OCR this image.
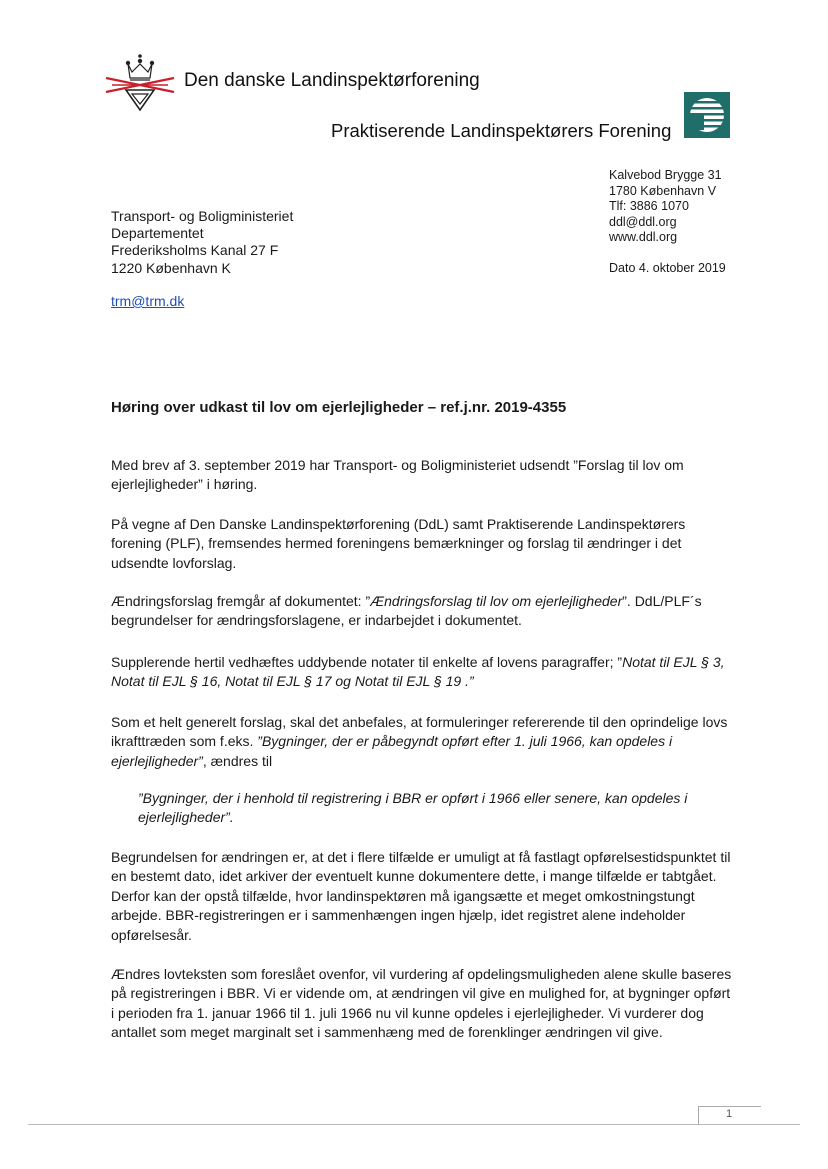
Den danske Landinspektørforening
Praktiserende Landinspektørers Forening
Kalvebod Brygge 31
1780 København V
Tlf: 3886 1070
ddl@ddl.org
www.ddl.org
Dato 4. oktober 2019
Transport- og Boligministeriet
Departementet
Frederiksholms Kanal 27 F
1220 København K
trm@trm.dk
Høring over udkast til lov om ejerlejligheder – ref.j.nr. 2019-4355

Med brev af 3. september 2019 har Transport- og Boligministeriet udsendt ”Forslag til lov om ejerlejligheder” i høring.

På vegne af Den Danske Landinspektørforening (DdL) samt Praktiserende Landinspektørers forening (PLF), fremsendes hermed foreningens bemærkninger og forslag til ændringer i det udsendte lovforslag.

Ændringsforslag fremgår af dokumentet: ”Ændringsforslag til lov om ejerlejligheder”. DdL/PLF´s begrundelser for ændringsforslagene, er indarbejdet i dokumentet.

Supplerende hertil vedhæftes uddybende notater til enkelte af lovens paragraffer; ”Notat til EJL § 3, Notat til EJL § 16, Notat til EJL § 17 og Notat til EJL § 19 .”

Som et helt generelt forslag, skal det anbefales, at formuleringer refererende til den oprindelige lovs ikrafttræden som f.eks. ”Bygninger, der er påbegyndt opført efter 1. juli 1966, kan opdeles i ejerlejligheder”, ændres til

”Bygninger, der i henhold til registrering i BBR er opført i 1966 eller senere, kan opdeles i ejerlejligheder”.

Begrundelsen for ændringen er, at det i flere tilfælde er umuligt at få fastlagt opførelsestidspunktet til en bestemt dato, idet arkiver der eventuelt kunne dokumentere dette, i mange tilfælde er tabtgået. Derfor kan der opstå tilfælde, hvor landinspektøren må igangsætte et meget omkostningstungt arbejde. BBR-registreringen er i sammenhængen ingen hjælp, idet registret alene indeholder opførelsesår.

Ændres lovteksten som foreslået ovenfor, vil vurdering af opdelingsmuligheden alene skulle baseres på registreringen i BBR. Vi er vidende om, at ændringen vil give en mulighed for, at bygninger opført i perioden fra 1. januar 1966 til 1. juli 1966 nu vil kunne opdeles i ejerlejligheder. Vi vurderer dog antallet som meget marginalt set i sammenhæng med de forenklinger ændringen vil give.

1
